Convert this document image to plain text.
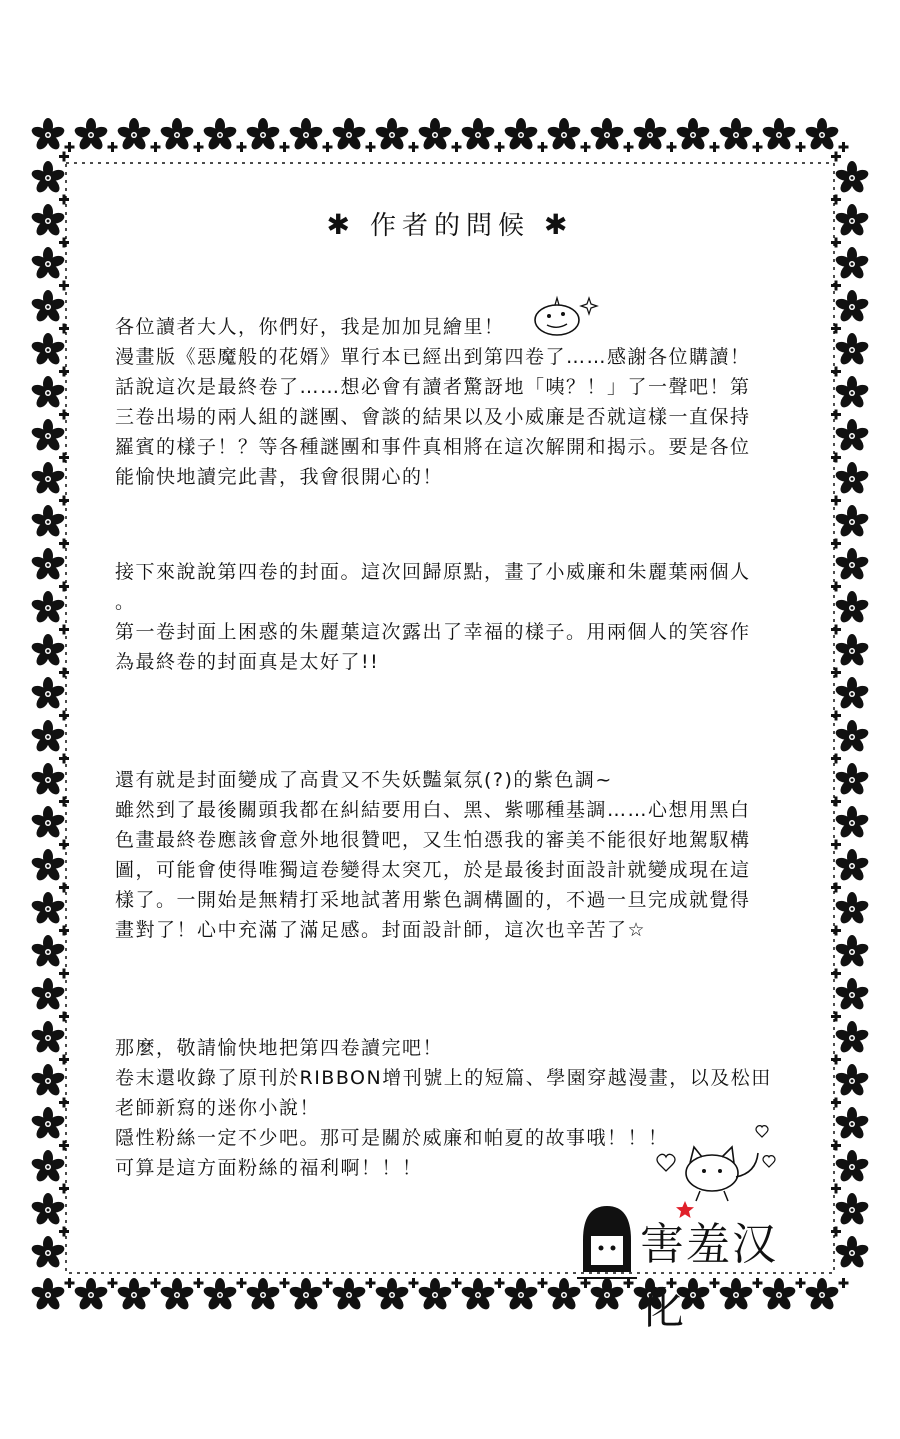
✱ 作者的問候 ✱

各位讀者大人，你們好，我是加加見繪里！

漫畫版《惡魔般的花婿》單行本已經出到第四卷了……感謝各位購讀！

話說這次是最終卷了……想必會有讀者驚訝地「咦？！」了一聲吧！第

三卷出場的兩人組的謎團、會談的結果以及小威廉是否就這樣一直保持

羅賓的樣子！？等各種謎團和事件真相將在這次解開和揭示。要是各位

能愉快地讀完此書，我會很開心的！

接下來說說第四卷的封面。這次回歸原點，畫了小威廉和朱麗葉兩個人

。

第一卷封面上困惑的朱麗葉這次露出了幸福的樣子。用兩個人的笑容作

為最終卷的封面真是太好了!!

還有就是封面變成了高貴又不失妖豔氣氛(?)的紫色調~

雖然到了最後關頭我都在糾結要用白、黑、紫哪種基調……心想用黑白

色畫最終卷應該會意外地很贊吧，又生怕憑我的審美不能很好地駕馭構

圖，可能會使得唯獨這卷變得太突兀，於是最後封面設計就變成現在這

樣了。一開始是無精打采地試著用紫色調構圖的，不過一旦完成就覺得

畫對了！心中充滿了滿足感。封面設計師，這次也辛苦了☆

那麼，敬請愉快地把第四卷讀完吧！

卷末還收錄了原刊於RIBBON增刊號上的短篇、學園穿越漫畫，以及松田

老師新寫的迷你小說！

隱性粉絲一定不少吧。那可是關於威廉和帕夏的故事哦！！！

可算是這方面粉絲的福利啊！！！

害羞汉化
